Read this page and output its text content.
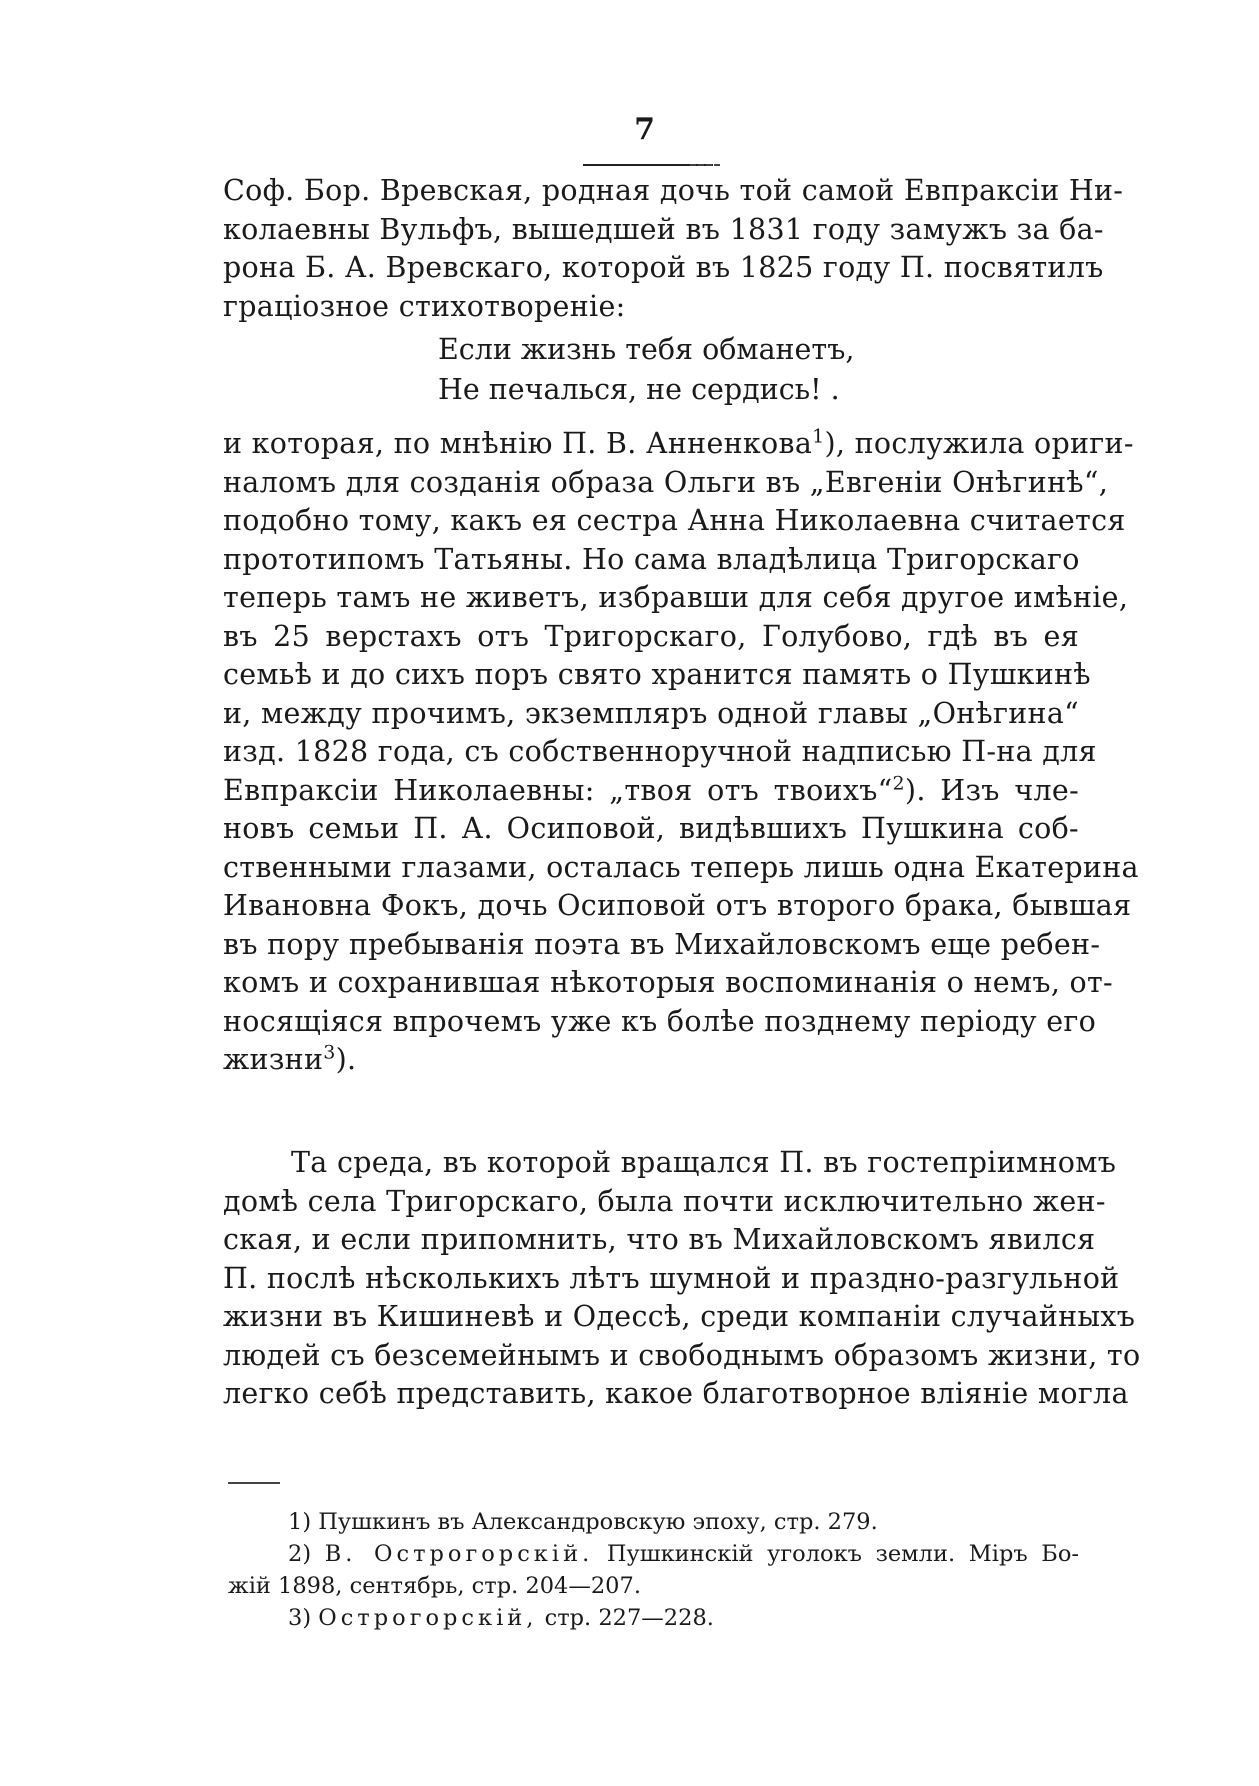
7
Соф. Бор. Вревская, родная дочь той самой Евпраксіи Ни-
колаевны Вульфъ, вышедшей въ 1831 году замужъ за ба-
рона Б. А. Вревскаго, которой въ 1825 году П. посвятилъ
граціозное стихотвореніе:
Если жизнь тебя обманетъ,
Не печалься, не сердись! .
и которая, по мнѣнію П. В. Анненкова$^1$), послужила ориги-
наломъ для созданія образа Ольги въ „Евгеніи Онѣгинѣ“,
подобно тому, какъ ея сестра Анна Николаевна считается
прототипомъ Татьяны. Но сама владѣлица Тригорскаго
теперь тамъ не живетъ, избравши для себя другое имѣніе,
въ 25 верстахъ отъ Тригорскаго, Голубово, гдѣ въ ея
семьѣ и до сихъ поръ свято хранится память о Пушкинѣ
и, между прочимъ, экземпляръ одной главы „Онѣгина“
изд. 1828 года, съ собственноручной надписью П-на для
Евпраксіи Николаевны: „твоя отъ твоихъ“$^2$). Изъ чле-
новъ семьи П. А. Осиповой, видѣвшихъ Пушкина соб-
ственными глазами, осталась теперь лишь одна Екатерина
Ивановна Фокъ, дочь Осиповой отъ второго брака, бывшая
въ пору пребыванія поэта въ Михайловскомъ еще ребен-
комъ и сохранившая нѣкоторыя воспоминанія о немъ, от-
носящіяся впрочемъ уже къ болѣе позднему періоду его
жизни$^3$).
Та среда, въ которой вращался П. въ гостепріимномъ
домѣ села Тригорскаго, была почти исключительно жен-
ская, и если припомнить, что въ Михайловскомъ явился
П. послѣ нѣсколькихъ лѣтъ шумной и праздно-разгульной
жизни въ Кишиневѣ и Одессѣ, среди компаніи случайныхъ
людей съ безсемейнымъ и свободнымъ образомъ жизни, то
легко себѣ представить, какое благотворное вліяніе могла
1) Пушкинъ въ Александровскую эпоху, стр. 279.
2) В. Острогорскій. Пушкинскій уголокъ земли. Міръ Бо-
жій 1898, сентябрь, стр. 204—207.
3) Острогорскій, стр. 227—228.
